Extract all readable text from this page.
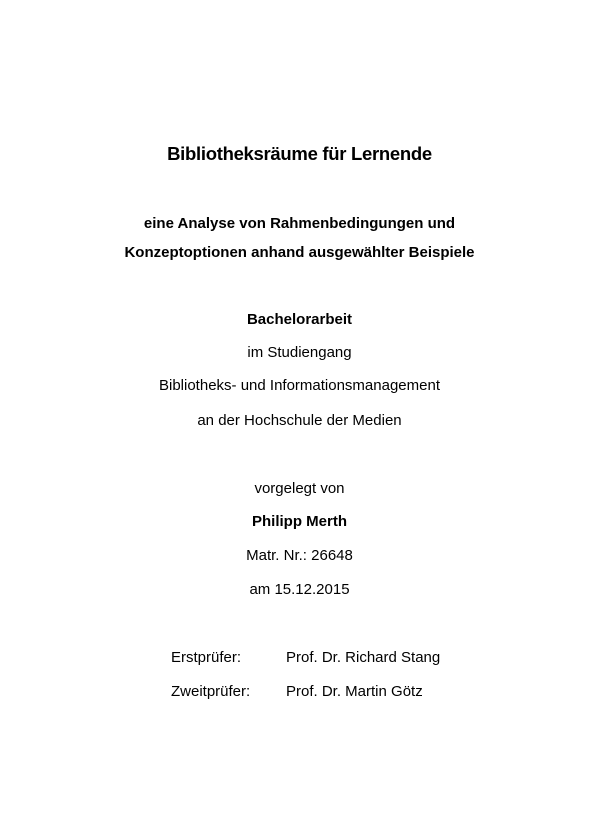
Bibliotheksräume für Lernende
eine Analyse von Rahmenbedingungen und
Konzeptoptionen anhand ausgewählter Beispiele
Bachelorarbeit
im Studiengang
Bibliotheks- und Informationsmanagement
an der Hochschule der Medien
vorgelegt von
Philipp Merth
Matr. Nr.: 26648
am 15.12.2015
Erstprüfer:	Prof. Dr. Richard Stang
Zweitprüfer: Prof. Dr. Martin Götz
